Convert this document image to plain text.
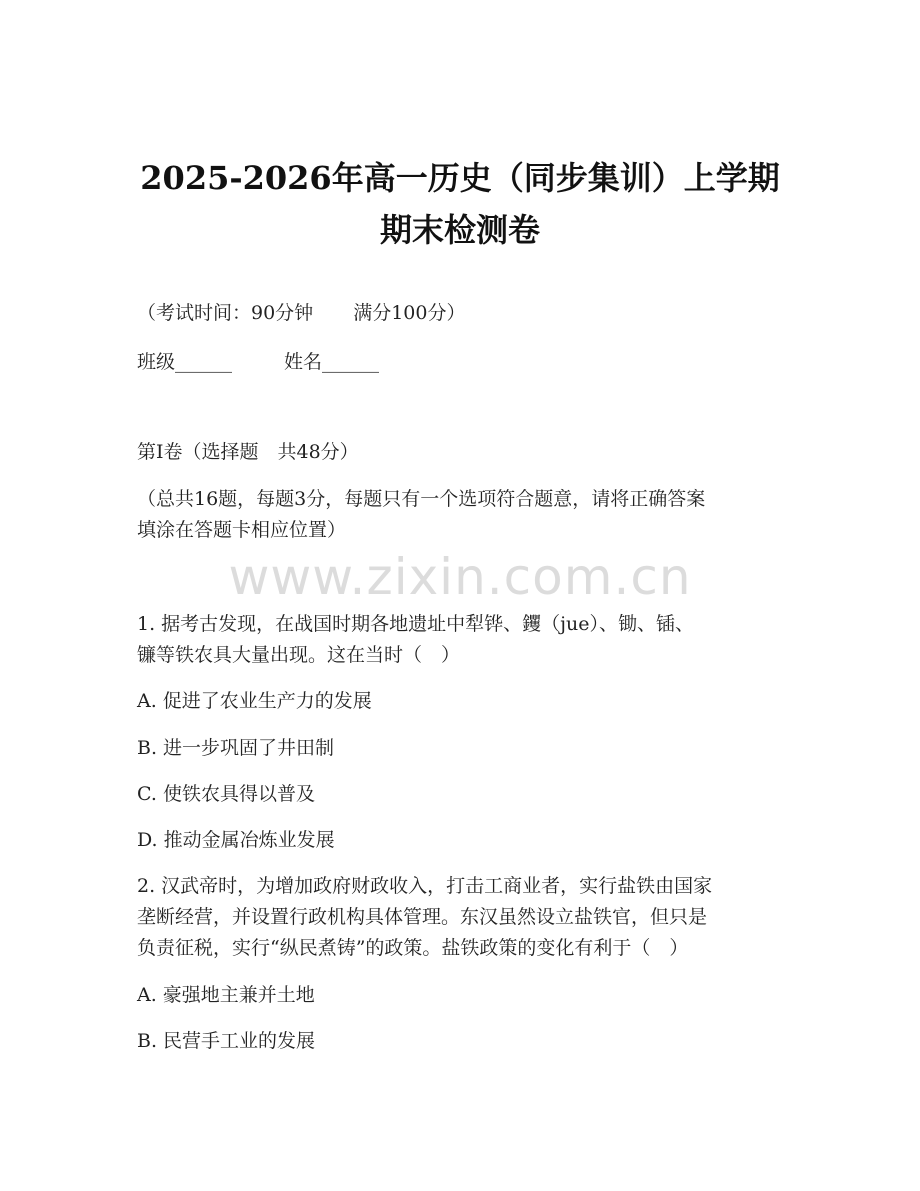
2025-2026年高一历史（同步集训）上学期
期末检测卷
（考试时间：90分钟 满分100分）
班级______	姓名______
第I卷（选择题　共48分）
（总共16题，每题3分，每题只有一个选项符合题意，请将正确答案
填涂在答题卡相应位置）
www.zixin.com.cn
1. 据考古发现，在战国时期各地遗址中犁铧、钁（jue）、锄、锸、
镰等铁农具大量出现。这在当时（　）
A. 促进了农业生产力的发展
B. 进一步巩固了井田制
C. 使铁农具得以普及
D. 推动金属冶炼业发展
2. 汉武帝时，为增加政府财政收入，打击工商业者，实行盐铁由国家
垄断经营，并设置行政机构具体管理。东汉虽然设立盐铁官，但只是
负责征税，实行“纵民煮铸”的政策。盐铁政策的变化有利于（　）
A. 豪强地主兼并土地
B. 民营手工业的发展
